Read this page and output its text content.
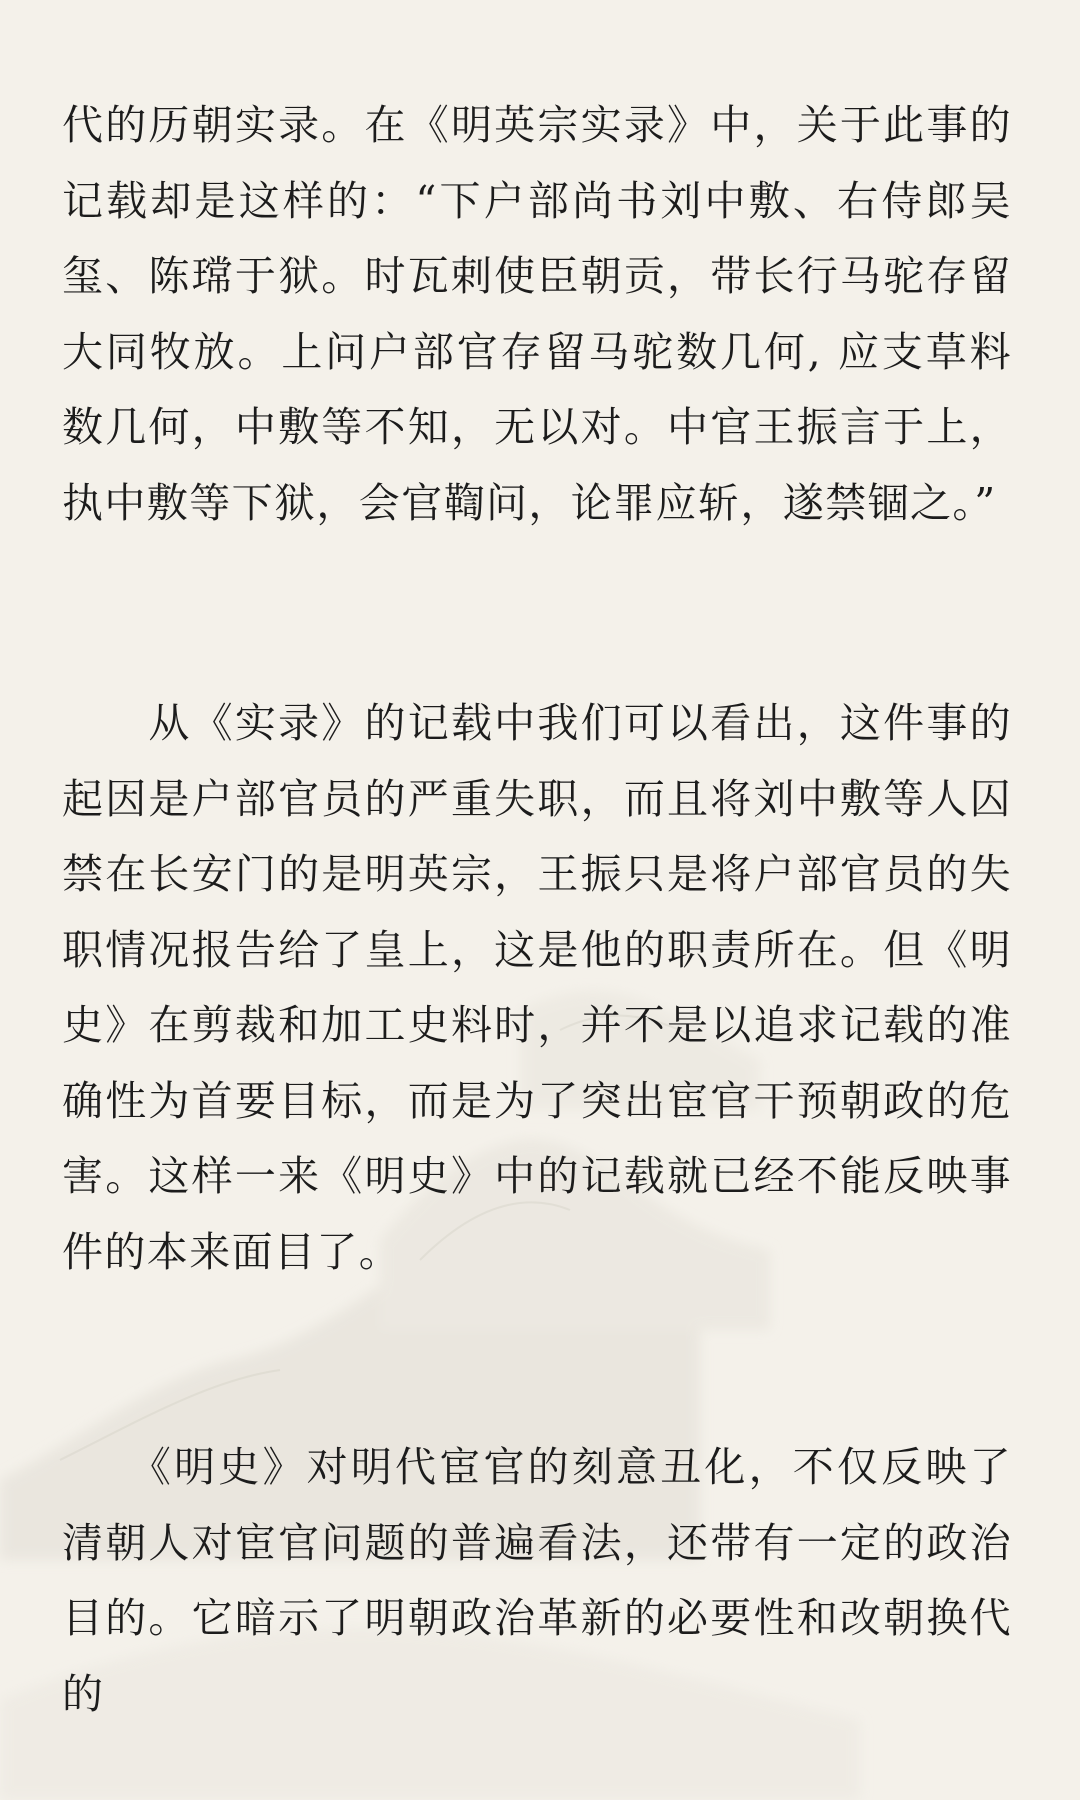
代的历朝实录。在《明英宗实录》中，关于此事的记载却是这样的：“下户部尚书刘中敷、右侍郎吴玺、陈瑺于狱。时瓦剌使臣朝贡，带长行马驼存留大同牧放。上问户部官存留马驼数几何, 应支草料数几何，中敷等不知，无以对。中官王振言于上，执中敷等下狱，会官鞫问，论罪应斩，遂禁锢之。”

　　从《实录》的记载中我们可以看出，这件事的起因是户部官员的严重失职，而且将刘中敷等人囚禁在长安门的是明英宗，王振只是将户部官员的失职情况报告给了皇上，这是他的职责所在。但《明史》在剪裁和加工史料时，并不是以追求记载的准确性为首要目标，而是为了突出宦官干预朝政的危害。这样一来《明史》中的记载就已经不能反映事件的本来面目了。

　　《明史》对明代宦官的刻意丑化，不仅反映了清朝人对宦官问题的普遍看法，还带有一定的政治目的。它暗示了明朝政治革新的必要性和改朝换代的
